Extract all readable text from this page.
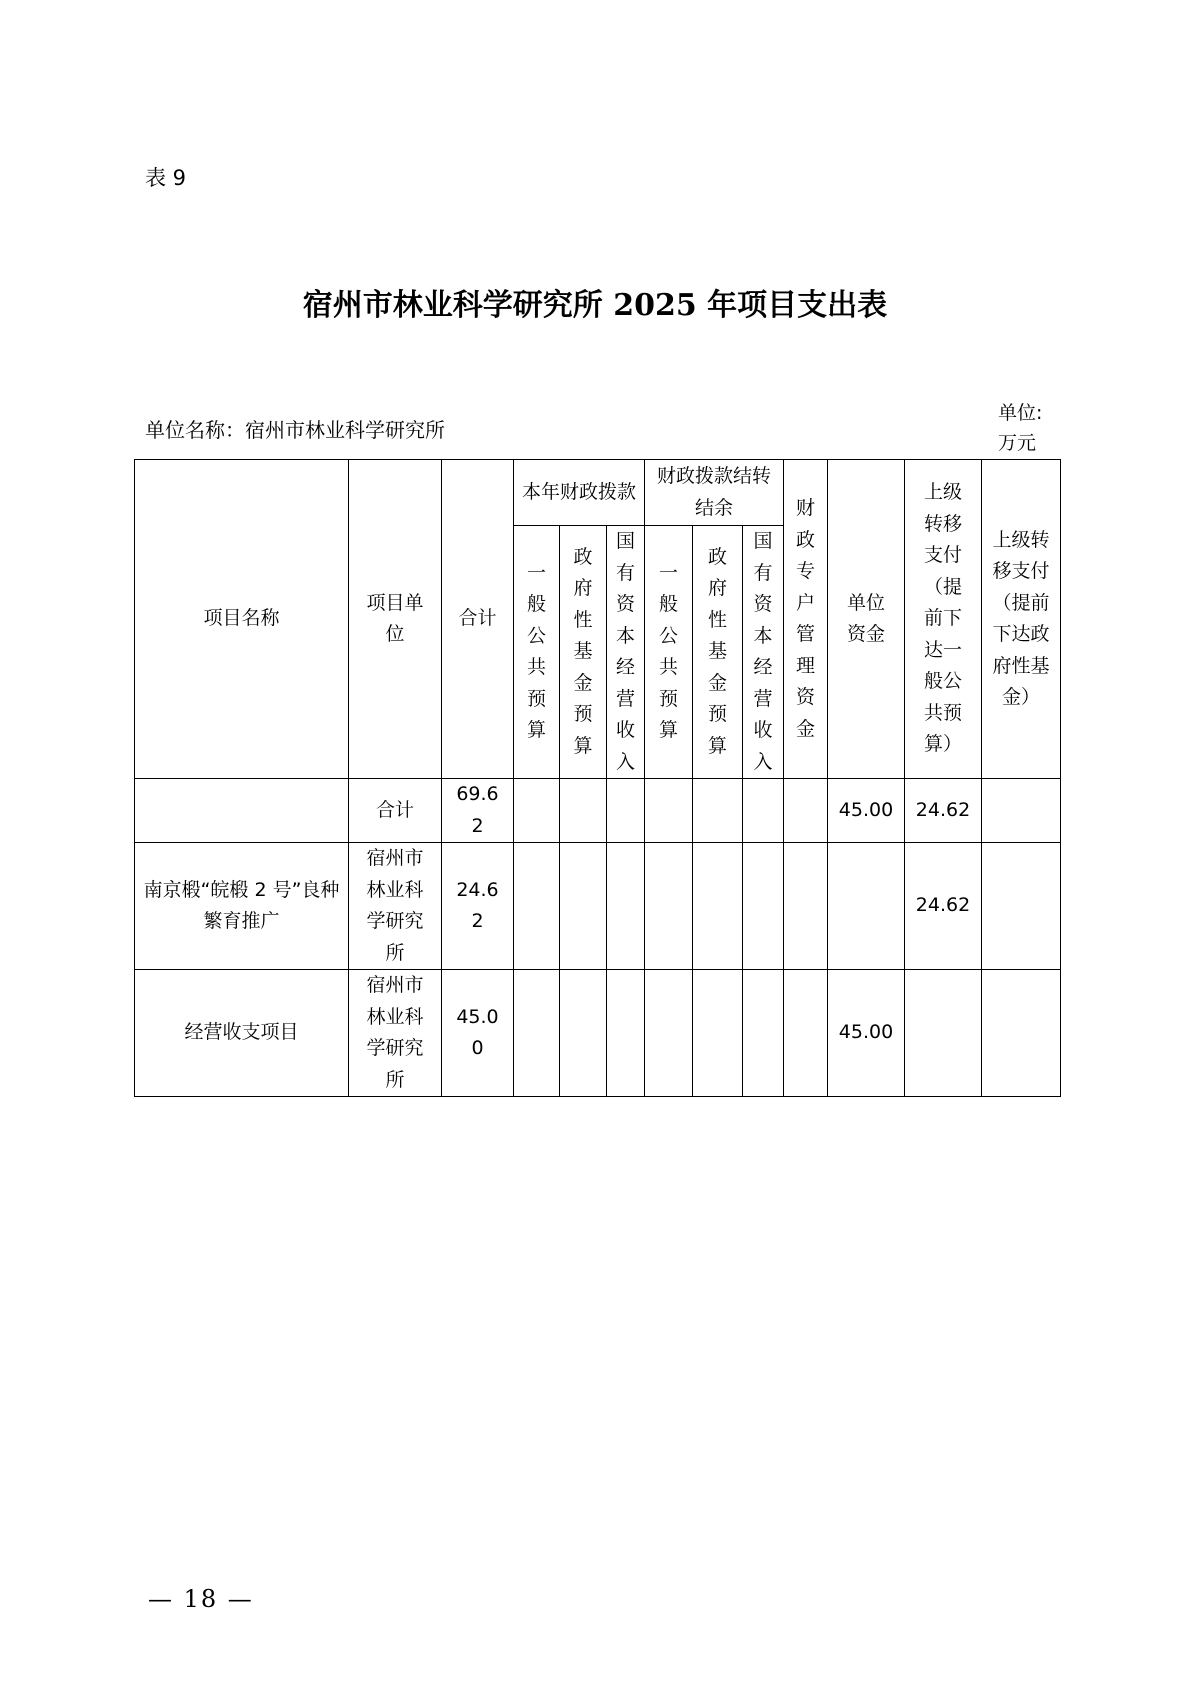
表 9
宿州市林业科学研究所 2025 年项目支出表
单位名称：宿州市林业科学研究所
单位: 万元
项目名称	项目单位	合计	本年财政拨款			财政拨款结转结余			财政专户管理资金	单位资金	上级转移支付（提前下达一般公共预算）	上级转移支付（提前下达政府性基金）

			一般公共预算	政府性基金预算	国有资本经营收入	一般公共预算	政府性基金预算	国有资本经营收入				

	合计	69.62								45.00	24.62	

南京椴“皖椴 2 号”良种繁育推广	宿州市林业科学研究所	24.62									24.62	
经营收支项目	宿州市林业科学研究所	45.00								45.00		
— 18 —
